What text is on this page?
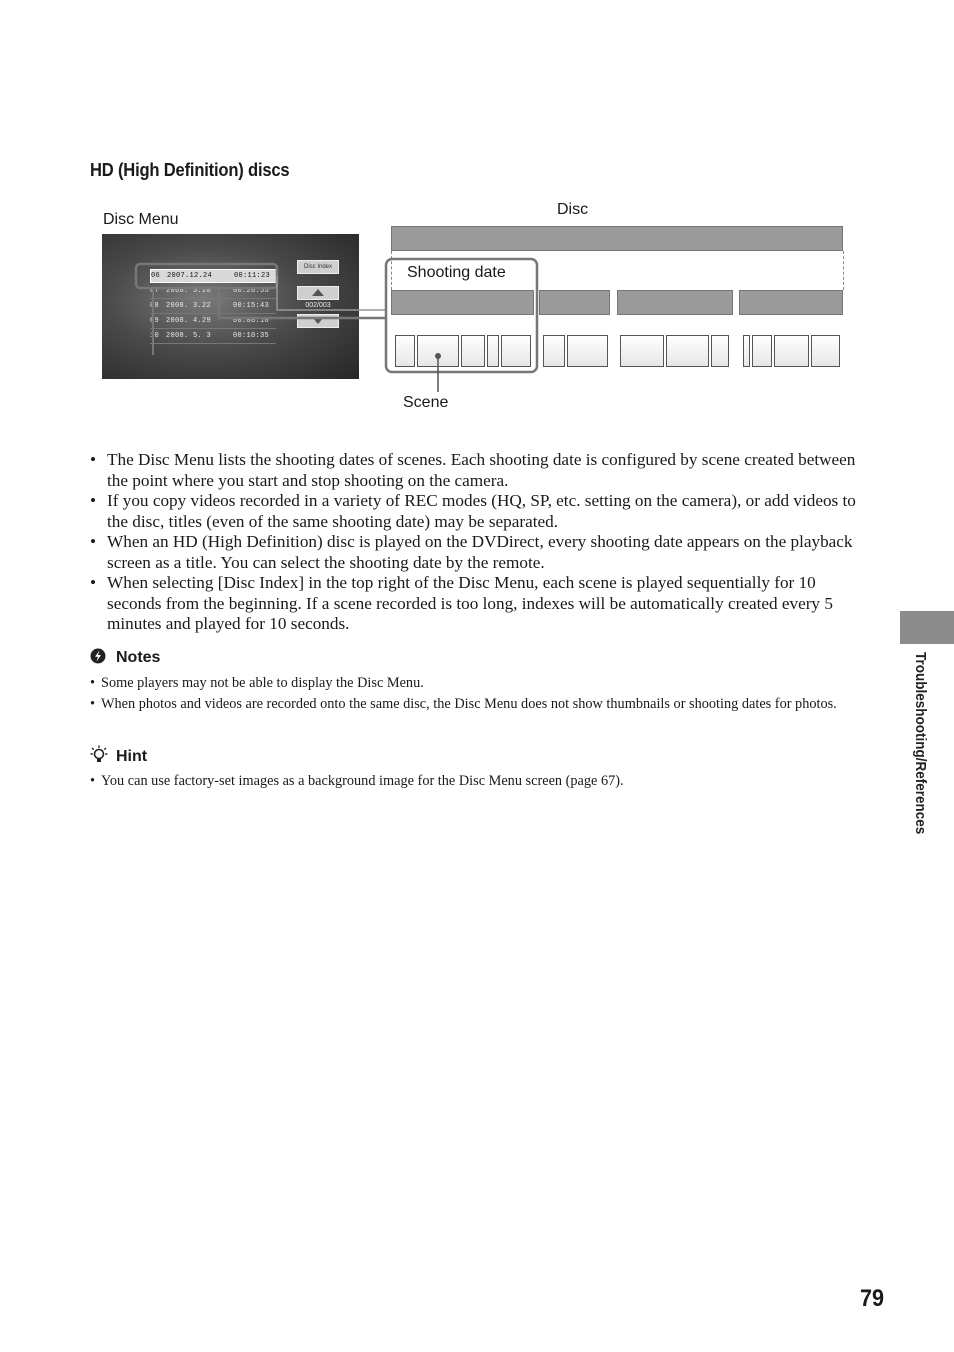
HD (High Definition) discs
Disc Menu
Disc
Scene
06 2007.12.24	00:11:23
07 2008. 3.20	00:20:55
08 2008. 3.22	00:15:43
09 2008. 4.29	00:08:10
10 2008. 5. 3	00:10:35
Disc Index
002/003
Shooting date
• The Disc Menu lists the shooting dates of scenes. Each shooting date is configured by scene created between the point where you start and stop shooting on the camera.
• If you copy videos recorded in a variety of REC modes (HQ, SP, etc. setting on the camera), or add videos to the disc, titles (even of the same shooting date) may be separated.
• When an HD (High Definition) disc is played on the DVDirect, every shooting date appears on the playback screen as a title. You can select the shooting date by the remote.
• When selecting [Disc Index] in the top right of the Disc Menu, each scene is played sequentially for 10 seconds from the beginning. If a scene recorded is too long, indexes will be automatically created every 5 minutes and played for 10 seconds.
Notes
• Some players may not be able to display the Disc Menu.
• When photos and videos are recorded onto the same disc, the Disc Menu does not show thumbnails or shooting dates for photos.
Hint
• You can use factory-set images as a background image for the Disc Menu screen (page 67).	Troubleshooting/References
79
